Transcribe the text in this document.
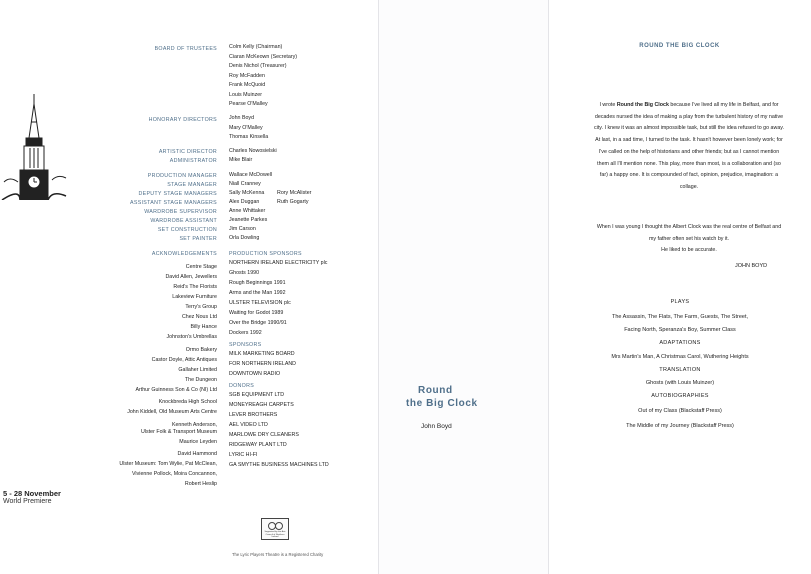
BOARD OF TRUSTEES Colm Kelly (Chairman)
Ciaran McKeown (Secretary)
Denis Nichol (Treasurer)
Roy McFadden
Frank McQuoid
Louis Muinzer
Pearse O'Malley
HONORARY DIRECTORS John Boyd
Mary O'Malley
Thomas Kinsella
ARTISTIC DIRECTOR Charles Nowosielski
ADMINISTRATOR Mike Blair
PRODUCTION MANAGER Wallace McDowell
STAGE MANAGER Niall Cranney
DEPUTY STAGE MANAGERS Sally McKenna Rory McAlister
ASSISTANT STAGE MANAGERS Alex Duggan	Ruth Gogarty
WARDROBE SUPERVISOR Anne Whittaker
WARDROBE ASSISTANT Jeanette Parkes
SET CONSTRUCTION Jim Carson
SET PAINTER Orla Dowling
ACKNOWLEDGEMENTS
Centre Stage
David Allen, Jewellers
Reid's The Florists
Lakeview Furniture
Terry's Group
Chez Nous Ltd
Billy Hance
Johnston's Umbrellas
Ormo Bakery
Castor Doyle, Attic Antiques
Gallaher Limited
The Dungeon
Arthur Guinness Son & Co (NI) Ltd
Knockbreda High School
John Kiddell, Old Museum Arts Centre
Kenneth Anderson,
Ulster Folk & Transport Museum
Maurice Leyden
David Hammond
Ulster Museum: Tom Wylie, Pat McClean,
Vivienne Pollock, Moira Concannon,
Robert Heslip
PRODUCTION SPONSORS
NORTHERN IRELAND ELECTRICITY plc
Ghosts 1990
Rough Beginnings 1991
Arms and the Man 1992
ULSTER TELEVISION plc
Waiting for Godot 1989
Over the Bridge 1990/91
Dockers 1992
SPONSORS
MILK MARKETING BOARD
FOR NORTHERN IRELAND
DOWNTOWN RADIO
DONORS
SGB EQUIPMENT LTD
MONEYREAGH CARPETS
LEVER BROTHERS
AEL VIDEO LTD
MARLOWE DRY CLEANERS
RIDGEWAY PLANT LTD
LYRIC HI-FI
GA SMYTHE BUSINESS MACHINES LTD
5 - 28 November
World Premiere
Supported by the Arts Council of Northern Ireland
The Lyric Players Theatre is a Registered Charity
Round
the Big Clock
John Boyd
ROUND THE BIG CLOCK
I wrote Round the Big Clock because I've lived all my life in Belfast, and for decades nursed the idea of making a play from the turbulent history of my native city. I knew it was an almost impossible task, but still the idea refused to go away. At last, in a sad time, I turned to the task. It hasn't however been lonely work; for I've called on the help of historians and other friends; but as I cannot mention them all I'll mention none. This play, more than most, is a collaboration and (so far) a happy one. It is compounded of fact, opinion, prejudice, imagination: a collage.
When I was young I thought the Albert Clock was the real centre of Belfast and my father often set his watch by it.
He liked to be accurate.
JOHN BOYD
PLAYS
The Assassin, The Flats, The Farm, Guests, The Street,
Facing North, Speranza's Boy, Summer Class
ADAPTATIONS
Mrs Martin's Man, A Christmas Carol, Wuthering Heights
TRANSLATION
Ghosts (with Louis Muinzer)
AUTOBIOGRAPHIES
Out of my Class (Blackstaff Press)
The Middle of my Journey (Blackstaff Press)
